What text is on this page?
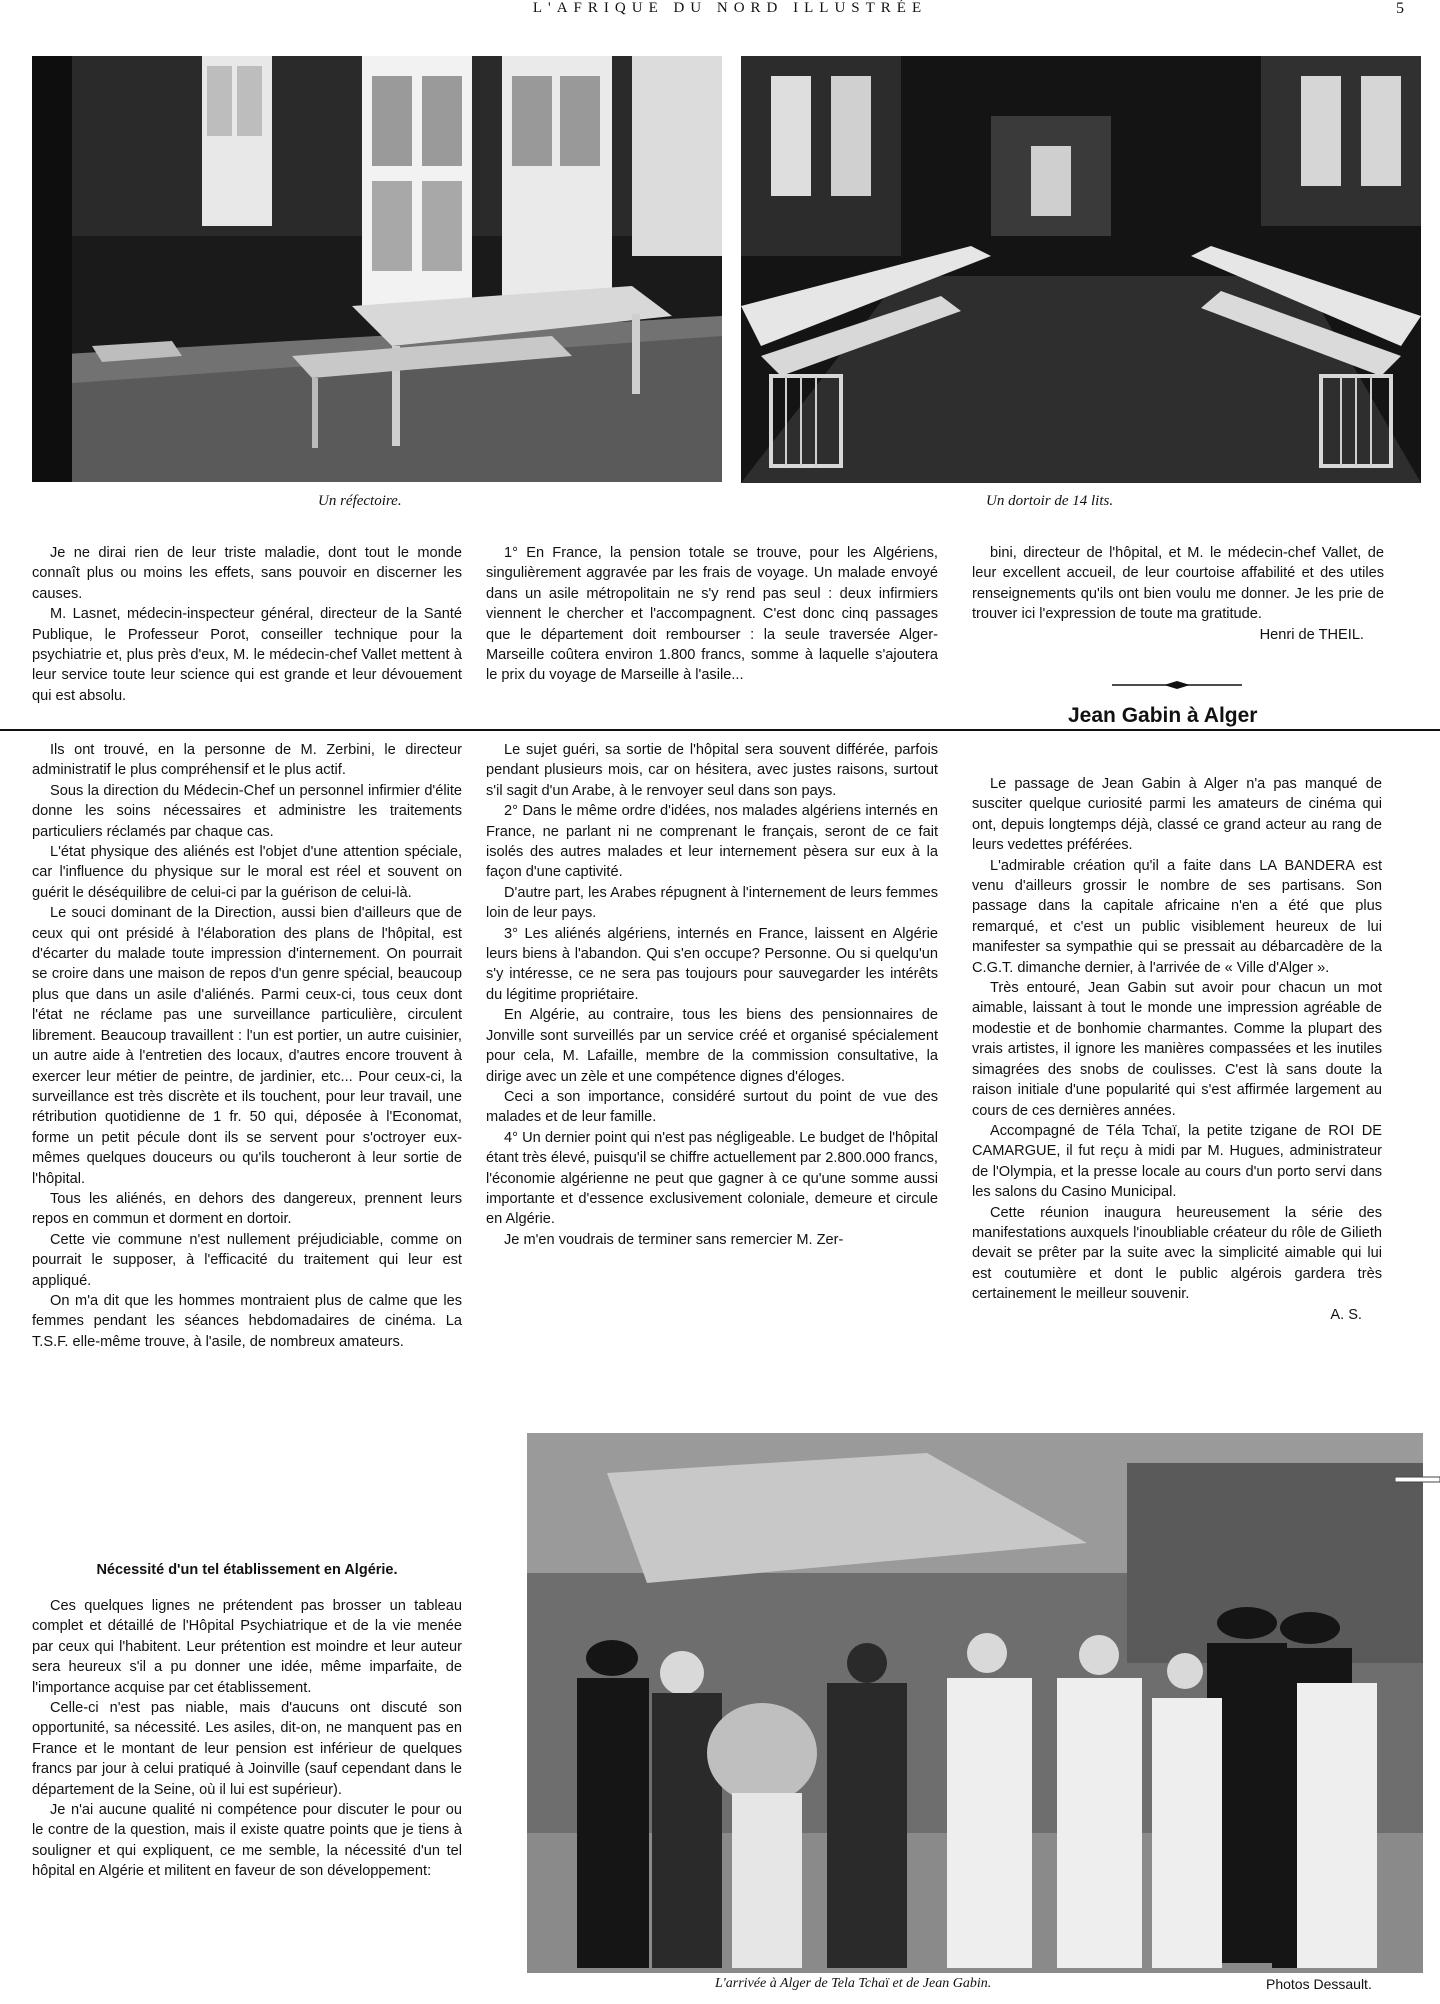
L'AFRIQUE DU NORD ILLUSTRÉE	5
Un réfectoire.	Un dortoir de 14 lits.

Je ne dirai rien de leur triste maladie, dont tout le monde connaît plus ou moins les effets, sans pouvoir en discerner les causes.

M. Lasnet, médecin-inspecteur général, directeur de la Santé Publique, le Professeur Porot, conseiller technique pour la psychiatrie et, plus près d'eux, M. le médecin-chef Vallet mettent à leur service toute leur science qui est grande et leur dévouement qui est absolu.

Ils ont trouvé, en la personne de M. Zerbini, le directeur administratif le plus compréhensif et le plus actif.

Sous la direction du Médecin-Chef un personnel infirmier d'élite donne les soins nécessaires et administre les traitements particuliers réclamés par chaque cas.

L'état physique des aliénés est l'objet d'une attention spéciale, car l'influence du physique sur le moral est réel et souvent on guérit le déséquilibre de celui-ci par la guérison de celui-là.

Le souci dominant de la Direction, aussi bien d'ailleurs que de ceux qui ont présidé à l'élaboration des plans de l'hôpital, est d'écarter du malade toute impression d'internement. On pourrait se croire dans une maison de repos d'un genre spécial, beaucoup plus que dans un asile d'aliénés. Parmi ceux-ci, tous ceux dont l'état ne réclame pas une surveillance particulière, circulent librement. Beaucoup travaillent : l'un est portier, un autre cuisinier, un autre aide à l'entretien des locaux, d'autres encore trouvent à exercer leur métier de peintre, de jardinier, etc... Pour ceux-ci, la surveillance est très discrète et ils touchent, pour leur travail, une rétribution quotidienne de 1 fr. 50 qui, déposée à l'Economat, forme un petit pécule dont ils se servent pour s'octroyer eux-mêmes quelques douceurs ou qu'ils toucheront à leur sortie de l'hôpital.

Tous les aliénés, en dehors des dangereux, prennent leurs repos en commun et dorment en dortoir.

Cette vie commune n'est nullement préjudiciable, comme on pourrait le supposer, à l'efficacité du traitement qui leur est appliqué.

On m'a dit que les hommes montraient plus de calme que les femmes pendant les séances hebdomadaires de cinéma. La T.S.F. elle-même trouve, à l'asile, de nombreux amateurs.

Nécessité d'un tel établissement en Algérie.

Ces quelques lignes ne prétendent pas brosser un tableau complet et détaillé de l'Hôpital Psychiatrique et de la vie menée par ceux qui l'habitent. Leur prétention est moindre et leur auteur sera heureux s'il a pu donner une idée, même imparfaite, de l'importance acquise par cet établissement.

Celle-ci n'est pas niable, mais d'aucuns ont discuté son opportunité, sa nécessité. Les asiles, dit-on, ne manquent pas en France et le montant de leur pension est inférieur de quelques francs par jour à celui pratiqué à Joinville (sauf cependant dans le département de la Seine, où il lui est supérieur).

Je n'ai aucune qualité ni compétence pour discuter le pour ou le contre de la question, mais il existe quatre points que je tiens à souligner et qui expliquent, ce me semble, la nécessité d'un tel hôpital en Algérie et militent en faveur de son développement:

1° En France, la pension totale se trouve, pour les Algériens, singulièrement aggravée par les frais de voyage. Un malade envoyé dans un asile métropolitain ne s'y rend pas seul : deux infirmiers viennent le chercher et l'accompagnent. C'est donc cinq passages que le département doit rembourser : la seule traversée Alger-Marseille coûtera environ 1.800 francs, somme à laquelle s'ajoutera le prix du voyage de Marseille à l'asile...

Le sujet guéri, sa sortie de l'hôpital sera souvent différée, parfois pendant plusieurs mois, car on hésitera, avec justes raisons, surtout s'il sagit d'un Arabe, à le renvoyer seul dans son pays.

2° Dans le même ordre d'idées, nos malades algériens internés en France, ne parlant ni ne comprenant le français, seront de ce fait isolés des autres malades et leur internement pèsera sur eux à la façon d'une captivité.

D'autre part, les Arabes répugnent à l'internement de leurs femmes loin de leur pays.

3° Les aliénés algériens, internés en France, laissent en Algérie leurs biens à l'abandon. Qui s'en occupe? Personne. Ou si quelqu'un s'y intéresse, ce ne sera pas toujours pour sauvegarder les intérêts du légitime propriétaire.

En Algérie, au contraire, tous les biens des pensionnaires de Jonville sont surveillés par un service créé et organisé spécialement pour cela, M. Lafaille, membre de la commission consultative, la dirige avec un zèle et une compétence dignes d'éloges.

Ceci a son importance, considéré surtout du point de vue des malades et de leur famille.

4° Un dernier point qui n'est pas négligeable. Le budget de l'hôpital étant très élevé, puisqu'il se chiffre actuellement par 2.800.000 francs, l'économie algérienne ne peut que gagner à ce qu'une somme aussi importante et d'essence exclusivement coloniale, demeure et circule en Algérie.

Je m'en voudrais de terminer sans remercier M. Zer-

bini, directeur de l'hôpital, et M. le médecin-chef Vallet, de leur excellent accueil, de leur courtoise affabilité et des utiles renseignements qu'ils ont bien voulu me donner. Je les prie de trouver ici l'expression de toute ma gratitude.

Henri de THEIL.

Jean Gabin à Alger

Le passage de Jean Gabin à Alger n'a pas manqué de susciter quelque curiosité parmi les amateurs de cinéma qui ont, depuis longtemps déjà, classé ce grand acteur au rang de leurs vedettes préférées.

L'admirable création qu'il a faite dans LA BANDERA est venu d'ailleurs grossir le nombre de ses partisans. Son passage dans la capitale africaine n'en a été que plus remarqué, et c'est un public visiblement heureux de lui manifester sa sympathie qui se pressait au débarcadère de la C.G.T. dimanche dernier, à l'arrivée de « Ville d'Alger ».

Très entouré, Jean Gabin sut avoir pour chacun un mot aimable, laissant à tout le monde une impression agréable de modestie et de bonhomie charmantes. Comme la plupart des vrais artistes, il ignore les manières compassées et les inutiles simagrées des snobs de coulisses. C'est là sans doute la raison initiale d'une popularité qui s'est affirmée largement au cours de ces dernières années.

Accompagné de Téla Tchaï, la petite tzigane de ROI DE CAMARGUE, il fut reçu à midi par M. Hugues, administrateur de l'Olympia, et la presse locale au cours d'un porto servi dans les salons du Casino Municipal.

Cette réunion inaugura heureusement la série des manifestations auxquels l'inoubliable créateur du rôle de Gilieth devait se prêter par la suite avec la simplicité aimable qui lui est coutumière et dont le public algérois gardera très certainement le meilleur souvenir.

A. S.

L'arrivée à Alger de Tela Tchaï et de Jean Gabin.	Photos Dessault.
